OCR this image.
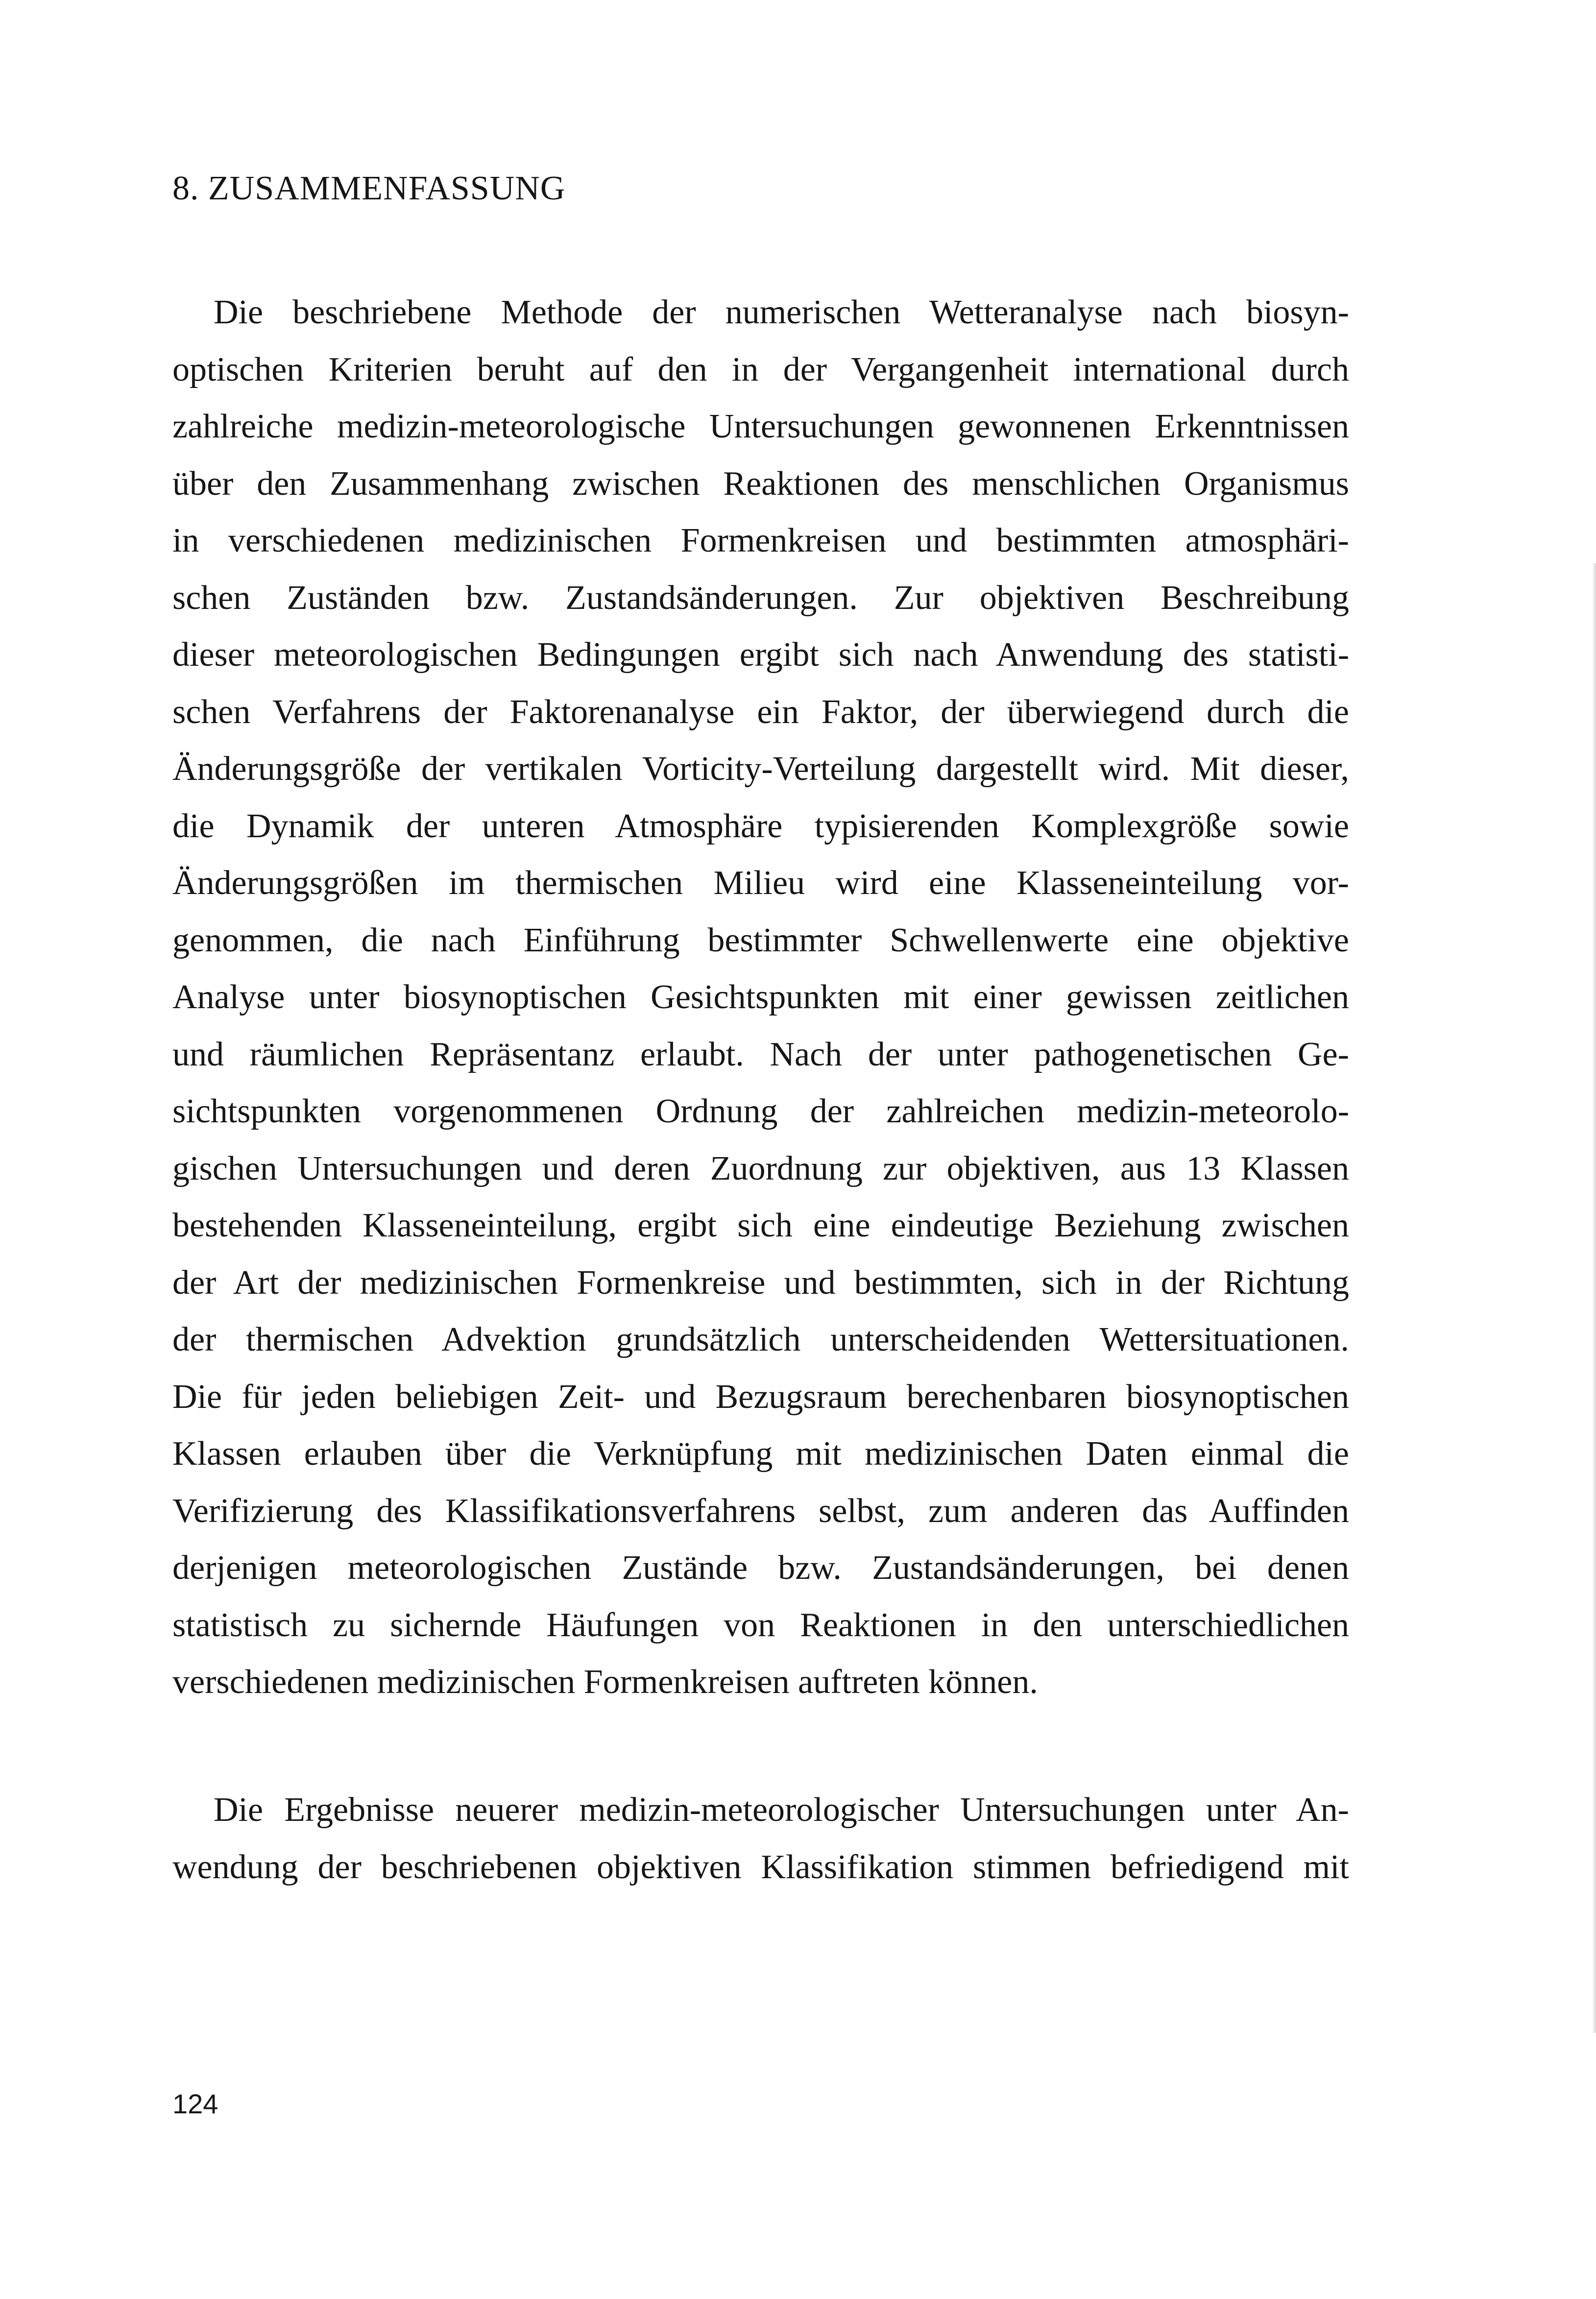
8. ZUSAMMENFASSUNG
Die beschriebene Methode der numerischen Wetteranalyse nach biosyn-
optischen Kriterien beruht auf den in der Vergangenheit international durch
zahlreiche medizin-meteorologische Untersuchungen gewonnenen Erkenntnissen
über den Zusammenhang zwischen Reaktionen des menschlichen Organismus
in verschiedenen medizinischen Formenkreisen und bestimmten atmosphäri-
schen Zuständen bzw. Zustandsänderungen. Zur objektiven Beschreibung
dieser meteorologischen Bedingungen ergibt sich nach Anwendung des statisti-
schen Verfahrens der Faktorenanalyse ein Faktor, der überwiegend durch die
Änderungsgröße der vertikalen Vorticity-Verteilung dargestellt wird. Mit dieser,
die Dynamik der unteren Atmosphäre typisierenden Komplexgröße sowie
Änderungsgrößen im thermischen Milieu wird eine Klasseneinteilung vor-
genommen, die nach Einführung bestimmter Schwellenwerte eine objektive
Analyse unter biosynoptischen Gesichtspunkten mit einer gewissen zeitlichen
und räumlichen Repräsentanz erlaubt. Nach der unter pathogenetischen Ge-
sichtspunkten vorgenommenen Ordnung der zahlreichen medizin-meteorolo-
gischen Untersuchungen und deren Zuordnung zur objektiven, aus 13 Klassen
bestehenden Klasseneinteilung, ergibt sich eine eindeutige Beziehung zwischen
der Art der medizinischen Formenkreise und bestimmten, sich in der Richtung
der thermischen Advektion grundsätzlich unterscheidenden Wettersituationen.
Die für jeden beliebigen Zeit- und Bezugsraum berechenbaren biosynoptischen
Klassen erlauben über die Verknüpfung mit medizinischen Daten einmal die
Verifizierung des Klassifikationsverfahrens selbst, zum anderen das Auffinden
derjenigen meteorologischen Zustände bzw. Zustandsänderungen, bei denen
statistisch zu sichernde Häufungen von Reaktionen in den unterschiedlichen
verschiedenen medizinischen Formenkreisen auftreten können.
Die Ergebnisse neuerer medizin-meteorologischer Untersuchungen unter An-
wendung der beschriebenen objektiven Klassifikation stimmen befriedigend mit
124
